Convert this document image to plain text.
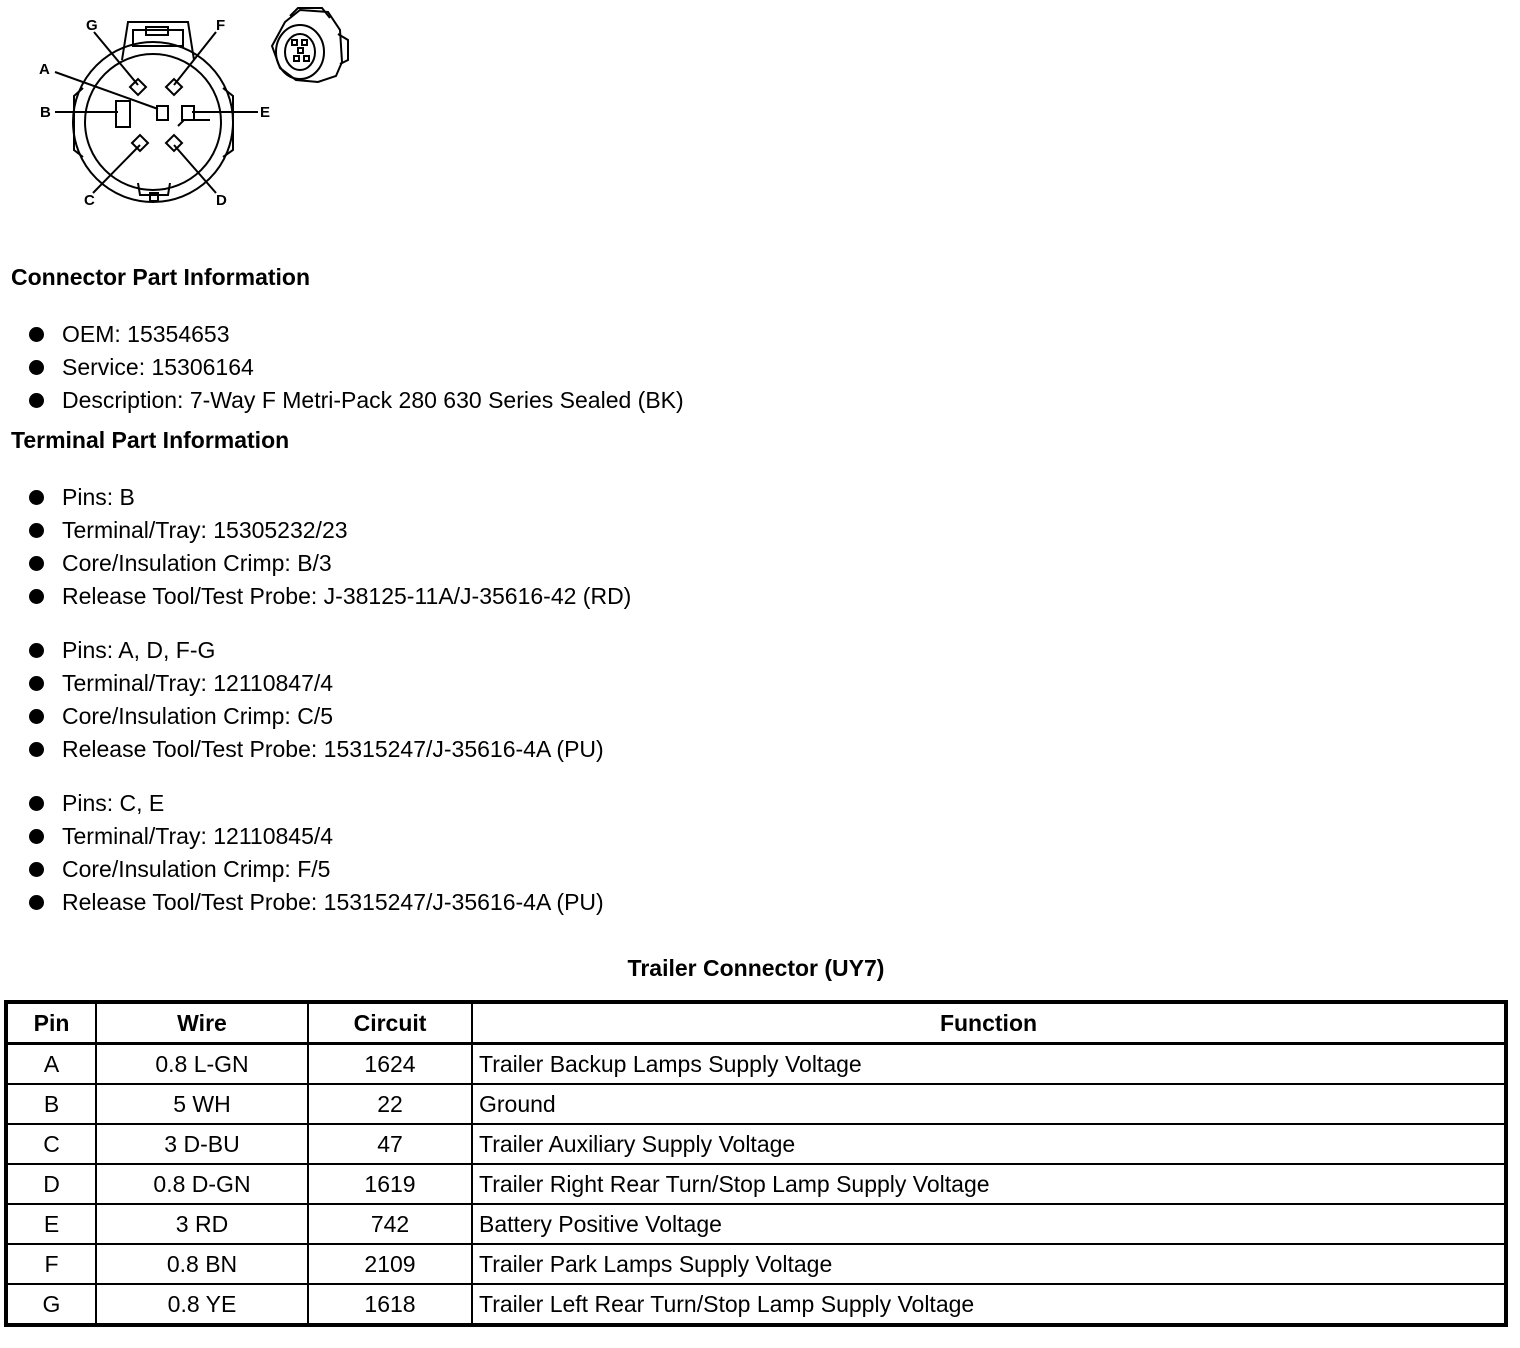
G	F
A
B	E
C	D
Connector Part Information
OEM: 15354653
Service: 15306164
Description: 7-Way F Metri-Pack 280 630 Series Sealed (BK)
Terminal Part Information
Pins: B
Terminal/Tray: 15305232/23
Core/Insulation Crimp: B/3
Release Tool/Test Probe: J-38125-11A/J-35616-42 (RD)
Pins: A, D, F-G
Terminal/Tray: 12110847/4
Core/Insulation Crimp: C/5
Release Tool/Test Probe: 15315247/J-35616-4A (PU)
Pins: C, E
Terminal/Tray: 12110845/4
Core/Insulation Crimp: F/5
Release Tool/Test Probe: 15315247/J-35616-4A (PU)
Trailer Connector (UY7)
Pin	Wire	Circuit	Function
A	0.8 L-GN	1624	Trailer Backup Lamps Supply Voltage
B	5 WH	22	Ground
C	3 D-BU	47	Trailer Auxiliary Supply Voltage
D	0.8 D-GN	1619	Trailer Right Rear Turn/Stop Lamp Supply Voltage
E	3 RD	742	Battery Positive Voltage
F	0.8 BN	2109	Trailer Park Lamps Supply Voltage
G	0.8 YE	1618	Trailer Left Rear Turn/Stop Lamp Supply Voltage
